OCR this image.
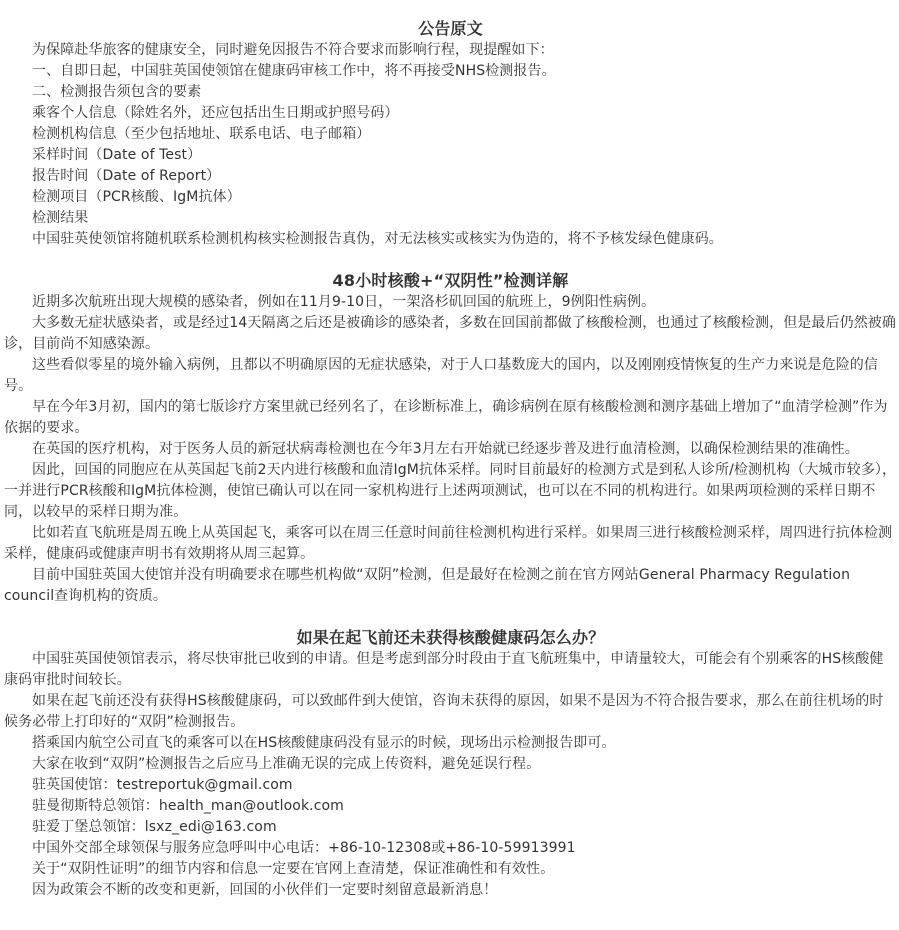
公告原文

为保障赴华旅客的健康安全，同时避免因报告不符合要求而影响行程，现提醒如下：

一、自即日起，中国驻英国使领馆在健康码审核工作中，将不再接受NHS检测报告。

二、检测报告须包含的要素

乘客个人信息（除姓名外，还应包括出生日期或护照号码）

检测机构信息（至少包括地址、联系电话、电子邮箱）

采样时间（Date of Test）

报告时间（Date of Report）

检测项目（PCR核酸、IgM抗体）

检测结果

中国驻英使领馆将随机联系检测机构核实检测报告真伪，对无法核实或核实为伪造的，将不予核发绿色健康码。

48小时核酸+“双阴性”检测详解

近期多次航班出现大规模的感染者，例如在11月9-10日，一架洛杉矶回国的航班上，9例阳性病例。

大多数无症状感染者，或是经过14天隔离之后还是被确诊的感染者，多数在回国前都做了核酸检测，也通过了核酸检测，但是最后仍然被确诊，目前尚不知感染源。

这些看似零星的境外输入病例，且都以不明确原因的无症状感染，对于人口基数庞大的国内，以及刚刚疫情恢复的生产力来说是危险的信号。

早在今年3月初，国内的第七版诊疗方案里就已经列名了，在诊断标准上，确诊病例在原有核酸检测和测序基础上增加了“血清学检测”作为依据的要求。

在英国的医疗机构，对于医务人员的新冠状病毒检测也在今年3月左右开始就已经逐步普及进行血清检测，以确保检测结果的准确性。

因此，回国的同胞应在从英国起飞前2天内进行核酸和血清IgM抗体采样。同时目前最好的检测方式是到私人诊所/检测机构（大城市较多），一并进行PCR核酸和IgM抗体检测，使馆已确认可以在同一家机构进行上述两项测试，也可以在不同的机构进行。如果两项检测的采样日期不同，以较早的采样日期为准。

比如若直飞航班是周五晚上从英国起飞，乘客可以在周三任意时间前往检测机构进行采样。如果周三进行核酸检测采样，周四进行抗体检测采样，健康码或健康声明书有效期将从周三起算。

目前中国驻英国大使馆并没有明确要求在哪些机构做“双阴”检测，但是最好在检测之前在官方网站General Pharmacy Regulation council查询机构的资质。

如果在起飞前还未获得核酸健康码怎么办？

中国驻英国使领馆表示，将尽快审批已收到的申请。但是考虑到部分时段由于直飞航班集中，申请量较大，可能会有个别乘客的HS核酸健康码审批时间较长。

如果在起飞前还没有获得HS核酸健康码，可以致邮件到大使馆，咨询未获得的原因，如果不是因为不符合报告要求，那么在前往机场的时候务必带上打印好的“双阴”检测报告。

搭乘国内航空公司直飞的乘客可以在HS核酸健康码没有显示的时候，现场出示检测报告即可。

大家在收到“双阴”检测报告之后应马上准确无误的完成上传资料，避免延误行程。

驻英国使馆：testreportuk@gmail.com

驻曼彻斯特总领馆：health_man@outlook.com

驻爱丁堡总领馆：lsxz_edi@163.com

中国外交部全球领保与服务应急呼叫中心电话：+86-10-12308或+86-10-59913991

关于“双阴性证明”的细节内容和信息一定要在官网上查清楚，保证准确性和有效性。

因为政策会不断的改变和更新，回国的小伙伴们一定要时刻留意最新消息！
